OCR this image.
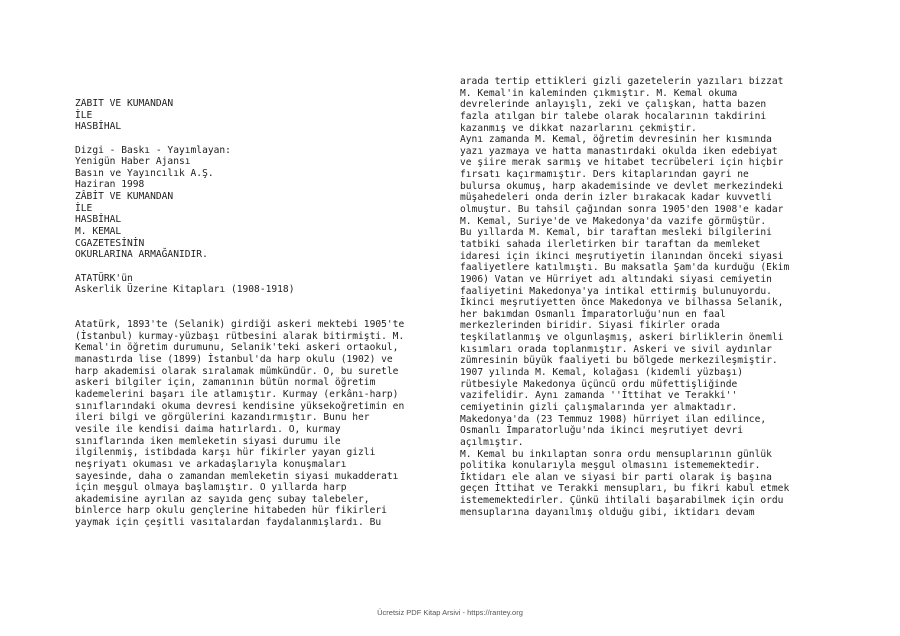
ZÂBİT VE KUMANDAN
İLE
HASBİHAL
Dizgi - Baskı - Yayımlayan:
Yenigün Haber Ajansı
Basın ve Yayıncılık A.Ş.
Haziran 1998
ZÂBİT VE KUMANDAN
İLE
HASBİHAL
M. KEMAL
CGAZETESİNİN
OKURLARINA ARMAĞANIDIR.
ATATÜRK'ün
Askerlik Üzerine Kitapları (1908-1918)
Atatürk, 1893'te (Selanik) girdiği askeri mektebi 1905'te
(İstanbul) kurmay-yüzbaşı rütbesini alarak bitirmişti. M.
Kemal'in öğretim durumunu, Selanik'teki askeri ortaokul,
manastırda lise (1899) İstanbul'da harp okulu (1902) ve
harp akademisi olarak sıralamak mümkündür. O, bu suretle
askeri bilgiler için, zamanının bütün normal öğretim
kademelerini başarı ile atlamıştır. Kurmay (erkânı-harp)
sınıflarındaki okuma devresi kendisine yüksekoğretimin en
ileri bilgi ve görgülerini kazandırmıştır. Bunu her
vesile ile kendisi daima hatırlardı. O, kurmay
sınıflarında iken memleketin siyasi durumu ile
ilgilenmiş, istibdada karşı hür fikirler yayan gizli
neşriyatı okuması ve arkadaşlarıyla konuşmaları
sayesinde, daha o zamandan memleketin siyasi mukadderatı
için meşgul olmaya başlamıştır. O yıllarda harp
akademisine ayrılan az sayıda genç subay talebeler,
binlerce harp okulu gençlerine hitabeden hür fikirleri
yaymak için çeşitli vasıtalardan faydalanmışlardı. Bu
arada tertip ettikleri gizli gazetelerin yazıları bizzat
M. Kemal'in kaleminden çıkmıştır. M. Kemal okuma
devrelerinde anlayışlı, zeki ve çalışkan, hatta bazen
fazla atılgan bir talebe olarak hocalarının takdirini
kazanmış ve dikkat nazarlarını çekmiştir.
Aynı zamanda M. Kemal, öğretim devresinin her kısmında
yazı yazmaya ve hatta manastırdaki okulda iken edebiyat
ve şiire merak sarmış ve hitabet tecrübeleri için hiçbir
fırsatı kaçırmamıştır. Ders kitaplarından gayri ne
bulursa okumuş, harp akademisinde ve devlet merkezindeki
müşahedeleri onda derin izler bırakacak kadar kuvvetli
olmuştur. Bu tahsil çağından sonra 1905'den 1908'e kadar
M. Kemal, Suriye'de ve Makedonya'da vazife görmüştür.
Bu yıllarda M. Kemal, bir taraftan mesleki bilgilerini
tatbiki sahada ilerletirken bir taraftan da memleket
idaresi için ikinci meşrutiyetin ilanından önceki siyasi
faaliyetlere katılmıştı. Bu maksatla Şam'da kurduğu (Ekim
1906) Vatan ve Hürriyet adı altındaki siyasi cemiyetin
faaliyetini Makedonya'ya intikal ettirmiş bulunuyordu.
İkinci meşrutiyetten önce Makedonya ve bilhassa Selanik,
her bakımdan Osmanlı İmparatorluğu'nun en faal
merkezlerinden biridir. Siyasi fikirler orada
teşkilatlanmış ve olgunlaşmış, askeri birliklerin önemli
kısımları orada toplanmıştır. Askeri ve sivil aydınlar
zümresinin büyük faaliyeti bu bölgede merkezileşmiştir.
1907 yılında M. Kemal, kolağası (kıdemli yüzbaşı)
rütbesiyle Makedonya üçüncü ordu müfettişliğinde
vazifelidir. Aynı zamanda ''İttihat ve Terakki''
cemiyetinin gizli çalışmalarında yer almaktadır.
Makedonya'da (23 Temmuz 1908) hürriyet ilan edilince,
Osmanlı İmparatorluğu'nda ikinci meşrutiyet devri
açılmıştır.
M. Kemal bu inkılaptan sonra ordu mensuplarının günlük
politika konularıyla meşgul olmasını istememektedir.
İktidarı ele alan ve siyasi bir parti olarak iş başına
geçen İttihat ve Terakki mensupları, bu fikri kabul etmek
istememektedirler. Çünkü ihtilali başarabilmek için ordu
mensuplarına dayanılmış olduğu gibi, iktidarı devam
Ücretsiz PDF Kitap Arsivi - https://rantey.org
